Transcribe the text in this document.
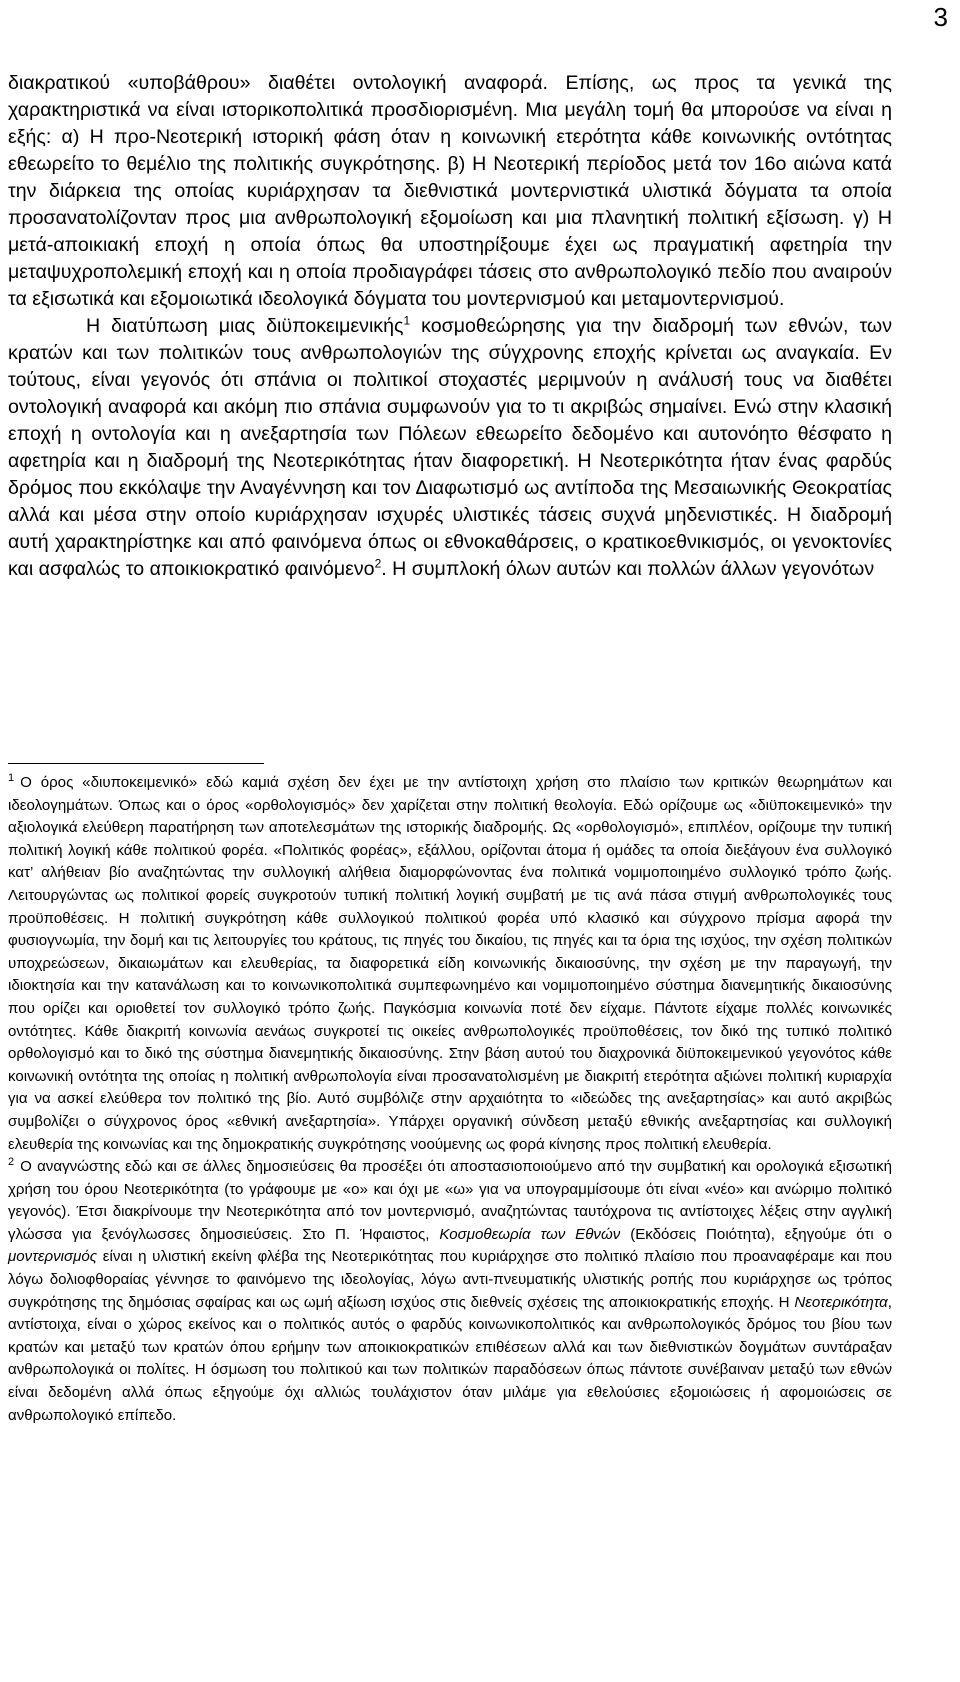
3

διακρατικού «υποβάθρου» διαθέτει οντολογική αναφορά. Επίσης, ως προς τα γενικά της χαρακτηριστικά να είναι ιστορικοπολιτικά προσδιορισμένη. Μια μεγάλη τομή θα μπορούσε να είναι η εξής: α) Η προ-Νεοτερική ιστορική φάση όταν η κοινωνική ετερότητα κάθε κοινωνικής οντότητας εθεωρείτο το θεμέλιο της πολιτικής συγκρότησης. β) Η Νεοτερική περίοδος μετά τον 16ο αιώνα κατά την διάρκεια της οποίας κυριάρχησαν τα διεθνιστικά μοντερνιστικά υλιστικά δόγματα τα οποία προσανατολίζονταν προς μια ανθρωπολογική εξομοίωση και μια πλανητική πολιτική εξίσωση. γ) Η μετά-αποικιακή εποχή η οποία όπως θα υποστηρίξουμε έχει ως πραγματική αφετηρία την μεταψυχροπολεμική εποχή και η οποία προδιαγράφει τάσεις στο ανθρωπολογικό πεδίο που αναιρούν τα εξισωτικά και εξομοιωτικά ιδεολογικά δόγματα του μοντερνισμού και μεταμοντερνισμού.

Η διατύπωση μιας διϋποκειμενικής$^1$ κοσμοθεώρησης για την διαδρομή των εθνών, των κρατών και των πολιτικών τους ανθρωπολογιών της σύγχρονης εποχής κρίνεται ως αναγκαία. Εν τούτους, είναι γεγονός ότι σπάνια οι πολιτικοί στοχαστές μεριμνούν η ανάλυσή τους να διαθέτει οντολογική αναφορά και ακόμη πιο σπάνια συμφωνούν για το τι ακριβώς σημαίνει. Ενώ στην κλασική εποχή η οντολογία και η ανεξαρτησία των Πόλεων εθεωρείτο δεδομένο και αυτονόητο θέσφατο η αφετηρία και η διαδρομή της Νεοτερικότητας ήταν διαφορετική. Η Νεοτερικότητα ήταν ένας φαρδύς δρόμος που εκκόλαψε την Αναγέννηση και τον Διαφωτισμό ως αντίποδα της Μεσαιωνικής Θεοκρατίας αλλά και μέσα στην οποίο κυριάρχησαν ισχυρές υλιστικές τάσεις συχνά μηδενιστικές. Η διαδρομή αυτή χαρακτηρίστηκε και από φαινόμενα όπως οι εθνοκαθάρσεις, ο κρατικοεθνικισμός, οι γενοκτονίες και ασφαλώς το αποικιοκρατικό φαινόμενο$^2$. Η συμπλοκή όλων αυτών και πολλών άλλων γεγονότων

$^1$ Ο όρος «διυποκειμενικό» εδώ καμιά σχέση δεν έχει με την αντίστοιχη χρήση στο πλαίσιο των κριτικών θεωρημάτων και ιδεολογημάτων. Όπως και ο όρος «ορθολογισμός» δεν χαρίζεται στην πολιτική θεολογία. Εδώ ορίζουμε ως «διϋποκειμενικό» την αξιολογικά ελεύθερη παρατήρηση των αποτελεσμάτων της ιστορικής διαδρομής. Ως «ορθολογισμό», επιπλέον, ορίζουμε την τυπική πολιτική λογική κάθε πολιτικού φορέα. «Πολιτικός φορέας», εξάλλου, ορίζονται άτομα ή ομάδες τα οποία διεξάγουν ένα συλλογικό κατ’ αλήθειαν βίο αναζητώντας την συλλογική αλήθεια διαμορφώνοντας ένα πολιτικά νομιμοποιημένο συλλογικό τρόπο ζωής. Λειτουργώντας ως πολιτικοί φορείς συγκροτούν τυπική πολιτική λογική συμβατή με τις ανά πάσα στιγμή ανθρωπολογικές τους προϋποθέσεις. Η πολιτική συγκρότηση κάθε συλλογικού πολιτικού φορέα υπό κλασικό και σύγχρονο πρίσμα αφορά την φυσιογνωμία, την δομή και τις λειτουργίες του κράτους, τις πηγές του δικαίου, τις πηγές και τα όρια της ισχύος, την σχέση πολιτικών υποχρεώσεων, δικαιωμάτων και ελευθερίας, τα διαφορετικά είδη κοινωνικής δικαιοσύνης, την σχέση με την παραγωγή, την ιδιοκτησία και την κατανάλωση και το κοινωνικοπολιτικά συμπεφωνημένο και νομιμοποιημένο σύστημα διανεμητικής δικαιοσύνης που ορίζει και οριοθετεί τον συλλογικό τρόπο ζωής. Παγκόσμια κοινωνία ποτέ δεν είχαμε. Πάντοτε είχαμε πολλές κοινωνικές οντότητες. Κάθε διακριτή κοινωνία αενάως συγκροτεί τις οικείες ανθρωπολογικές προϋποθέσεις, τον δικό της τυπικό πολιτικό ορθολογισμό και το δικό της σύστημα διανεμητικής δικαιοσύνης. Στην βάση αυτού του διαχρονικά διϋποκειμενικού γεγονότος κάθε κοινωνική οντότητα της οποίας η πολιτική ανθρωπολογία είναι προσανατολισμένη με διακριτή ετερότητα αξιώνει πολιτική κυριαρχία για να ασκεί ελεύθερα τον πολιτικό της βίο. Αυτό συμβόλιζε στην αρχαιότητα το «ιδεώδες της ανεξαρτησίας» και αυτό ακριβώς συμβολίζει ο σύγχρονος όρος «εθνική ανεξαρτησία». Υπάρχει οργανική σύνδεση μεταξύ εθνικής ανεξαρτησίας και συλλογική ελευθερία της κοινωνίας και της δημοκρατικής συγκρότησης νοούμενης ως φορά κίνησης προς πολιτική ελευθερία.

$^2$ Ο αναγνώστης εδώ και σε άλλες δημοσιεύσεις θα προσέξει ότι αποστασιοποιούμενο από την συμβατική και ορολογικά εξισωτική χρήση του όρου Νεοτερικότητα (το γράφουμε με «ο» και όχι με «ω» για να υπογραμμίσουμε ότι είναι «νέο» και ανώριμο πολιτικό γεγονός). Έτσι διακρίνουμε την Νεοτερικότητα από τον μοντερνισμό, αναζητώντας ταυτόχρονα τις αντίστοιχες λέξεις στην αγγλική γλώσσα για ξενόγλωσσες δημοσιεύσεις. Στο Π. Ήφαιστος, Κοσμοθεωρία των Εθνών (Εκδόσεις Ποιότητα), εξηγούμε ότι ο μοντερνισμός είναι η υλιστική εκείνη φλέβα της Νεοτερικότητας που κυριάρχησε στο πολιτικό πλαίσιο που προαναφέραμε και που λόγω δολιοφθοραίας γέννησε το φαινόμενο της ιδεολογίας, λόγω αντι-πνευματικής υλιστικής ροπής που κυριάρχησε ως τρόπος συγκρότησης της δημόσιας σφαίρας και ως ωμή αξίωση ισχύος στις διεθνείς σχέσεις της αποικιοκρατικής εποχής. Η Νεοτερικότητα, αντίστοιχα, είναι ο χώρος εκείνος και ο πολιτικός αυτός ο φαρδύς κοινωνικοπολιτικός και ανθρωπολογικός δρόμος του βίου των κρατών και μεταξύ των κρατών όπου ερήμην των αποικιοκρατικών επιθέσεων αλλά και των διεθνιστικών δογμάτων συντάραξαν ανθρωπολογικά οι πολίτες. Η όσμωση του πολιτικού και των πολιτικών παραδόσεων όπως πάντοτε συνέβαιναν μεταξύ των εθνών είναι δεδομένη αλλά όπως εξηγούμε όχι αλλιώς τουλάχιστον όταν μιλάμε για εθελούσιες εξομοιώσεις ή αφομοιώσεις σε ανθρωπολογικό επίπεδο.
